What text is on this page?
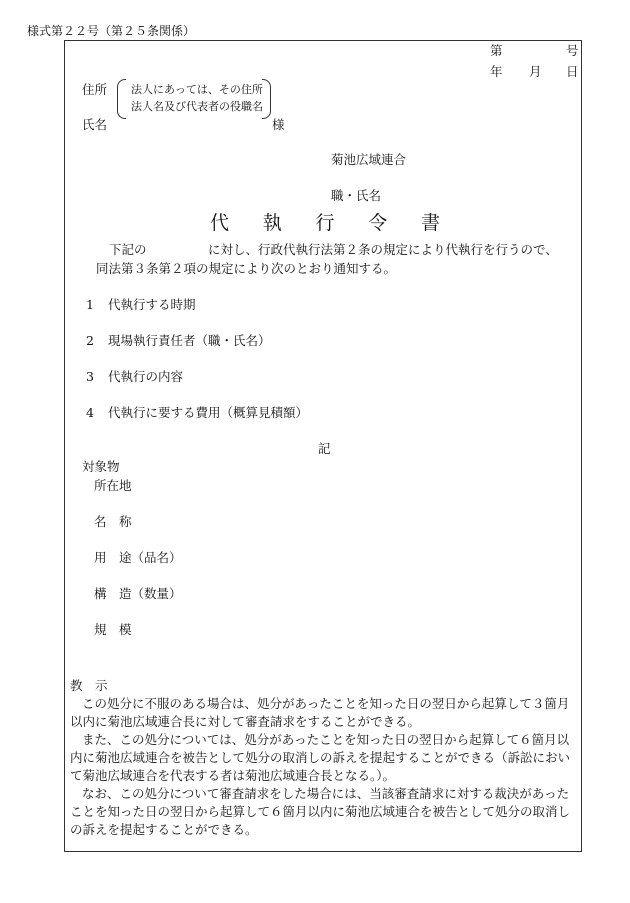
様式第２２号（第２５条関係）
第	号
年 月 日
住所 法人にあっては、その住所
法人名及び代表者の役職名
氏名	様
菊池広域連合
職・氏名
代 執 行 令 書
下記の	に対し、行政代執行法第２条の規定により代執行を行うので、
同法第３条第２項の規定により次のとおり通知する。
1 代執行する時期
2 現場執行責任者（職・氏名）
3 代執行の内容
4 代執行に要する費用（概算見積額）
記
対象物
所在地
名　称
用　途（品名）
構　造（数量）
規　模
教　示
この処分に不服のある場合は、処分があったことを知った日の翌日から起算して３箇月
以内に菊池広域連合長に対して審査請求をすることができる。
また、この処分については、処分があったことを知った日の翌日から起算して６箇月以
内に菊池広域連合を被告として処分の取消しの訴えを提起することができる（訴訟におい
て菊池広域連合を代表する者は菊池広域連合長となる。）。
なお、この処分について審査請求をした場合には、当該審査請求に対する裁決があった
ことを知った日の翌日から起算して６箇月以内に菊池広域連合を被告として処分の取消し
の訴えを提起することができる。
